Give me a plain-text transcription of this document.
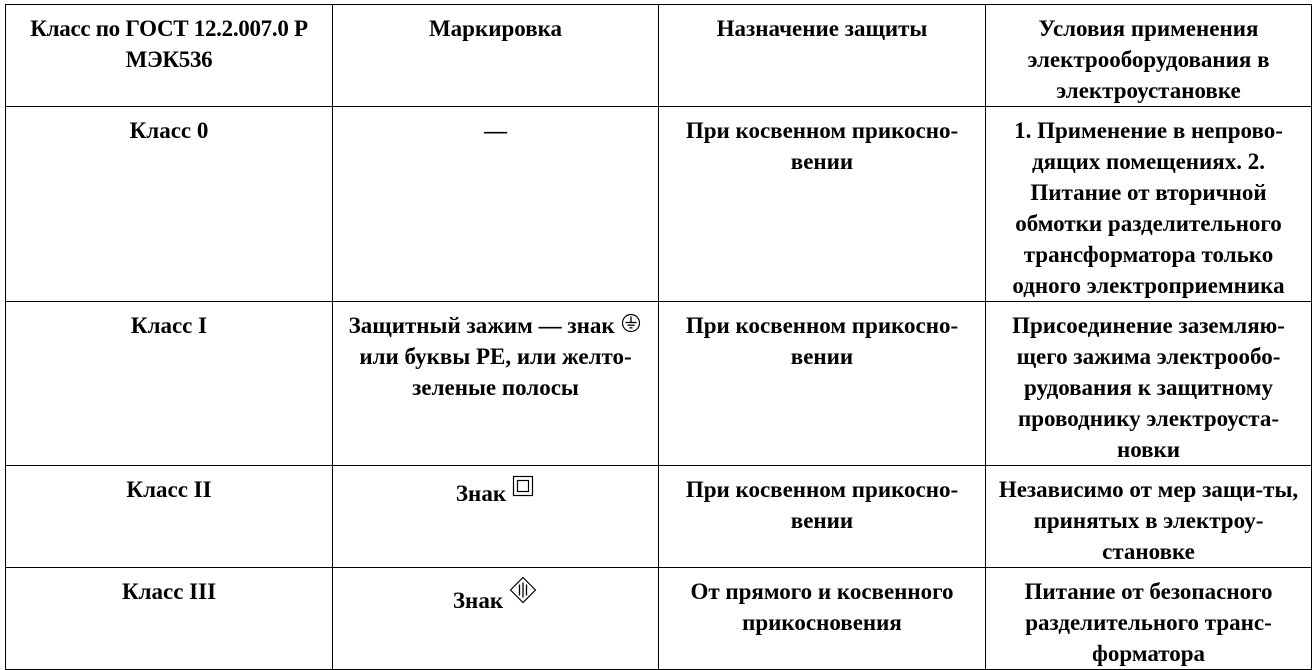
Класс по ГОСТ 12.2.007.0 Р МЭК536	Маркировка	Назначение защиты	Условия применения электрооборудования в электроустановке
Класс 0	—	При косвенном прикосно-вении	1. Применение в непрово-дящих помещениях. 2. Питание от вторичной обмотки разделительного трансформатора только одного электроприемника
Класс I	Защитный зажим — знак или буквы PE, или желто-зеленые полосы	При косвенном прикосно-вении	Присоединение заземляю-щего зажима электрообо-рудования к защитному проводнику электроуста-новки
Класс II	Знак	При косвенном прикосно-вении	Независимо от мер защи-ты, принятых в электроу-становке
Класс III	Знак	От прямого и косвенного прикосновения	Питание от безопасного разделительного транс-форматора
